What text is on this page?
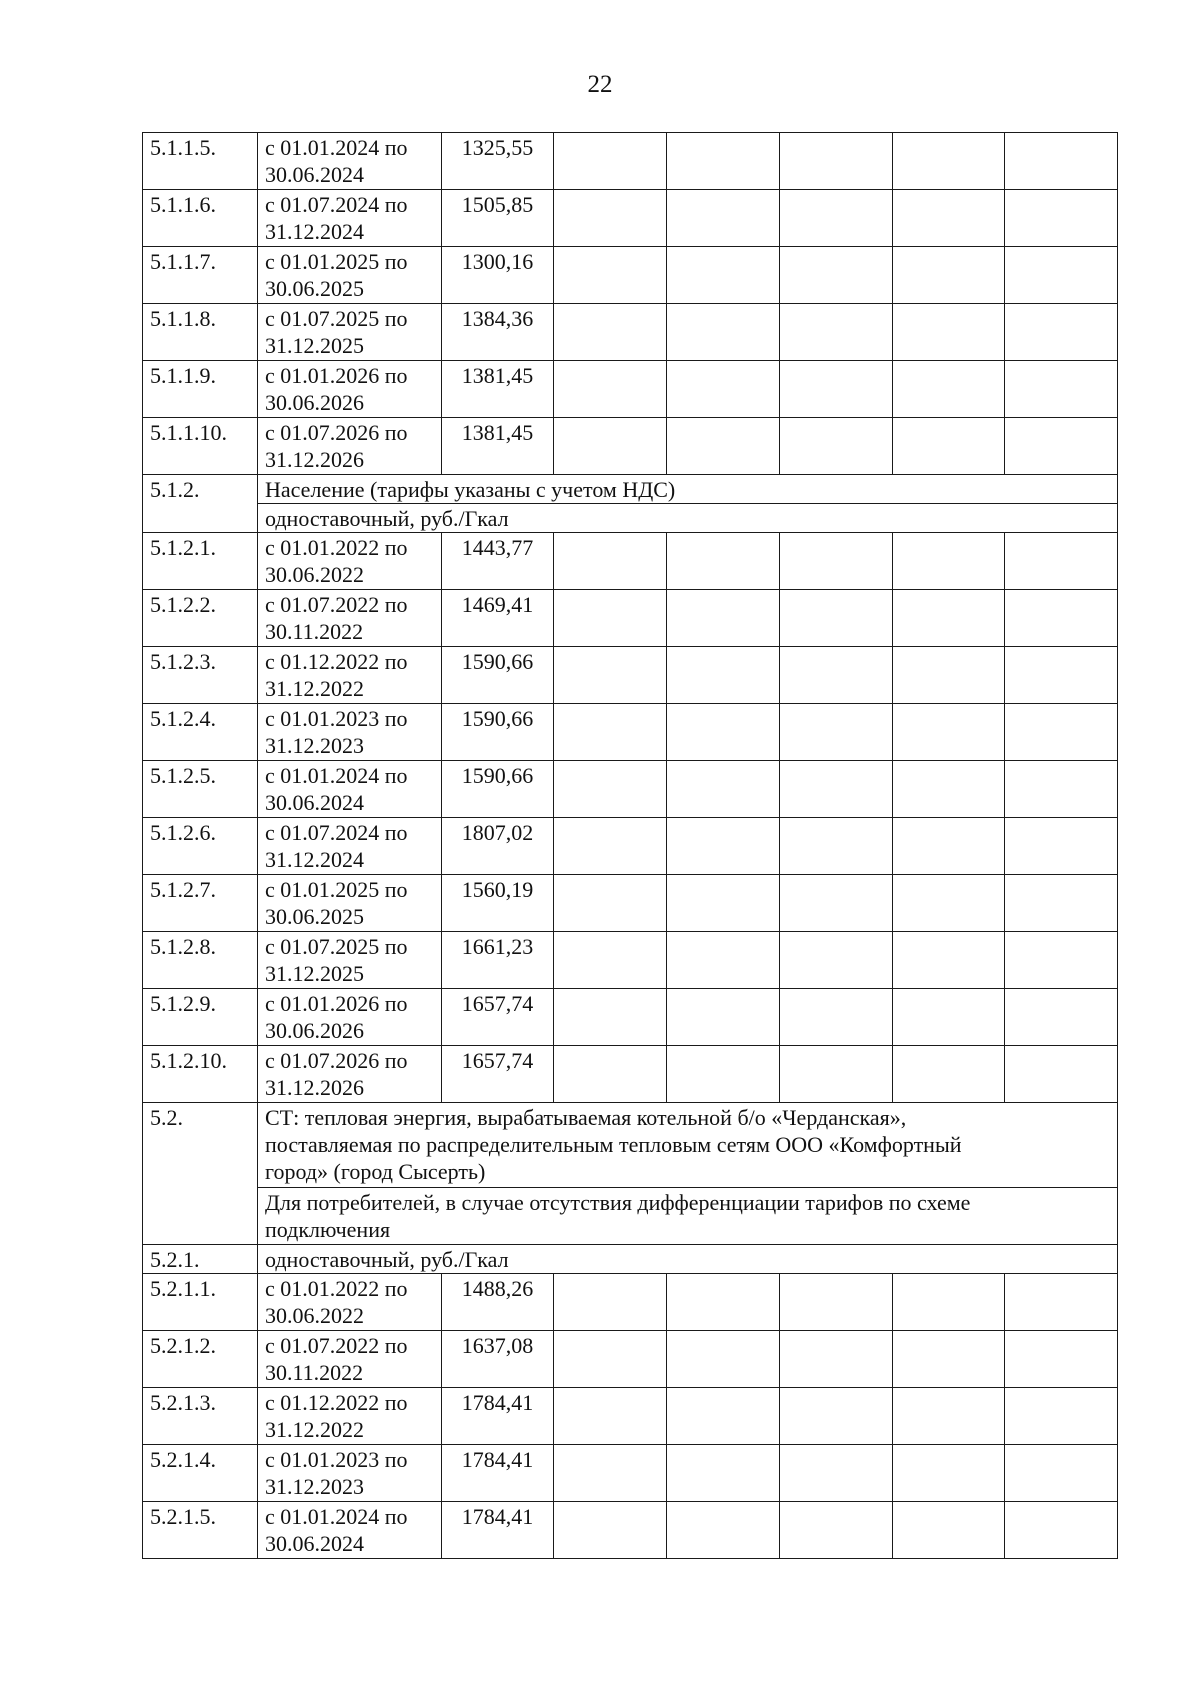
22
5.1.1.5.	с 01.01.2024 по
30.06.2024	1325,55					
5.1.1.6.	с 01.07.2024 по
31.12.2024	1505,85					
5.1.1.7.	с 01.01.2025 по
30.06.2025	1300,16					
5.1.1.8.	с 01.07.2025 по
31.12.2025	1384,36					
5.1.1.9.	с 01.01.2026 по
30.06.2026	1381,45					
5.1.1.10.	с 01.07.2026 по
31.12.2026	1381,45					
5.1.2.	Население (тарифы указаны с учетом НДС)						

	одноставочный, руб./Гкал						

5.1.2.1.	с 01.01.2022 по
30.06.2022	1443,77					
5.1.2.2.	с 01.07.2022 по
30.11.2022	1469,41					
5.1.2.3.	с 01.12.2022 по
31.12.2022	1590,66					
5.1.2.4.	с 01.01.2023 по
31.12.2023	1590,66					
5.1.2.5.	с 01.01.2024 по
30.06.2024	1590,66					
5.1.2.6.	с 01.07.2024 по
31.12.2024	1807,02					
5.1.2.7.	с 01.01.2025 по
30.06.2025	1560,19					
5.1.2.8.	с 01.07.2025 по
31.12.2025	1661,23					
5.1.2.9.	с 01.01.2026 по
30.06.2026	1657,74					
5.1.2.10.	с 01.07.2026 по
31.12.2026	1657,74					
5.2.	СТ: тепловая энергия, вырабатываемая котельной б/о «Черданская»,
поставляемая по распределительным тепловым сетям ООО «Комфортный
город» (город Сысерть)						

	Для потребителей, в случае отсутствия дифференциации тарифов по схеме
подключения						

5.2.1.	одноставочный, руб./Гкал						

5.2.1.1.	с 01.01.2022 по
30.06.2022	1488,26					
5.2.1.2.	с 01.07.2022 по
30.11.2022	1637,08					
5.2.1.3.	с 01.12.2022 по
31.12.2022	1784,41					
5.2.1.4.	с 01.01.2023 по
31.12.2023	1784,41					
5.2.1.5.	с 01.01.2024 по
30.06.2024	1784,41					
